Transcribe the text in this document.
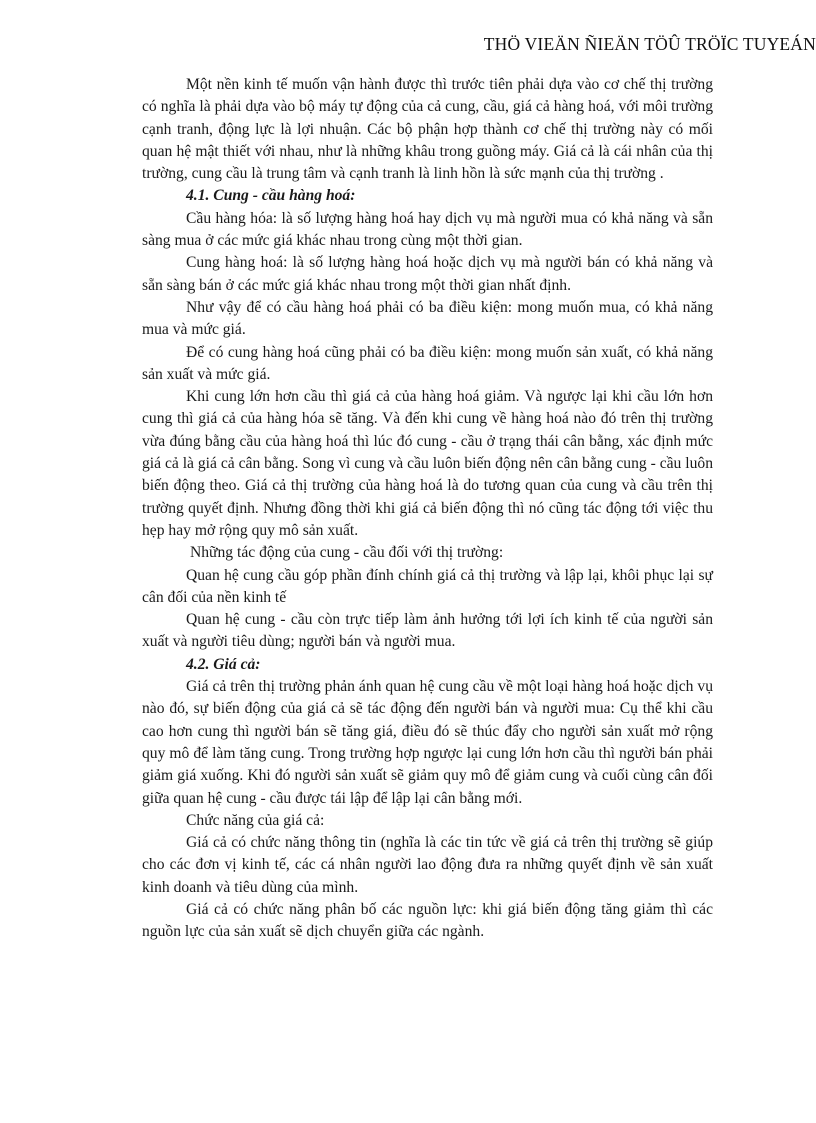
THÖ VIEÄN ÑIEÄN TÖÛ TRÖÏC TUYEÁN

Một nền kinh tế muốn vận hành được thì trước tiên phải dựa vào cơ chế thị trường có nghĩa là phải dựa vào bộ máy tự động của cả cung, cầu, giá cả hàng hoá, với môi trường cạnh tranh, động lực là lợi nhuận. Các bộ phận hợp thành cơ chế thị trường này có mối quan hệ mật thiết với nhau, như là những khâu trong guồng máy. Giá cả là cái nhân của thị trường, cung cầu là trung tâm và cạnh tranh là linh hồn là sức mạnh của thị trường .

4.1. Cung - cầu hàng hoá:

Cầu hàng hóa: là số lượng hàng hoá hay dịch vụ mà người mua có khả năng và sẵn sàng mua ở các mức giá khác nhau trong cùng một thời gian.

Cung hàng hoá: là số lượng hàng hoá hoặc dịch vụ mà người bán có khả năng và sẵn sàng bán ở các mức giá khác nhau trong một thời gian nhất định.

Như vậy để có cầu hàng hoá phải có ba điều kiện: mong muốn mua, có khả năng mua và mức giá.

Để có cung hàng hoá cũng phải có ba điều kiện: mong muốn sản xuất, có khả năng sản xuất và mức giá.

Khi cung lớn hơn cầu thì giá cả của hàng hoá giảm. Và ngược lại khi cầu lớn hơn cung thì giá cả của hàng hóa sẽ tăng. Và đến khi cung về hàng hoá nào đó trên thị trường vừa đúng bằng cầu của hàng hoá thì lúc đó cung - cầu ở trạng thái cân bằng, xác định mức giá cả là giá cả cân bằng. Song vì cung và cầu luôn biến động nên cân bằng cung - cầu luôn biến động theo. Giá cả thị trường của hàng hoá là do tương quan của cung và cầu trên thị trường quyết định. Nhưng đồng thời khi giá cả biến động thì nó cũng tác động tới việc thu hẹp hay mở rộng quy mô sản xuất.

Những tác động của cung - cầu đối với thị trường:

Quan hệ cung cầu góp phần đính chính giá cả thị trường và lập lại, khôi phục lại sự cân đối của nền kinh tế

Quan hệ cung - cầu còn trực tiếp làm ảnh hưởng tới lợi ích kinh tế của người sản xuất và người tiêu dùng; người bán và người mua.

4.2. Giá cả:

Giá cả trên thị trường phản ánh quan hệ cung cầu về một loại hàng hoá hoặc dịch vụ nào đó, sự biến động của giá cả sẽ tác động đến người bán và người mua: Cụ thể khi cầu cao hơn cung thì người bán sẽ tăng giá, điều đó sẽ thúc đẩy cho người sản xuất mở rộng quy mô để làm tăng cung. Trong trường hợp ngược lại cung lớn hơn cầu thì người bán phải giảm giá xuống. Khi đó người sản xuất sẽ giảm quy mô để giảm cung và cuối cùng cân đối giữa quan hệ cung - cầu được tái lập để lập lại cân bằng mới.

Chức năng của giá cả:

Giá cả có chức năng thông tin (nghĩa là các tin tức về giá cả trên thị trường sẽ giúp cho các đơn vị kinh tế, các cá nhân người lao động đưa ra những quyết định về sản xuất kinh doanh và tiêu dùng của mình.

Giá cả có chức năng phân bố các nguồn lực: khi giá biến động tăng giảm thì các nguồn lực của sản xuất sẽ dịch chuyển giữa các ngành.
